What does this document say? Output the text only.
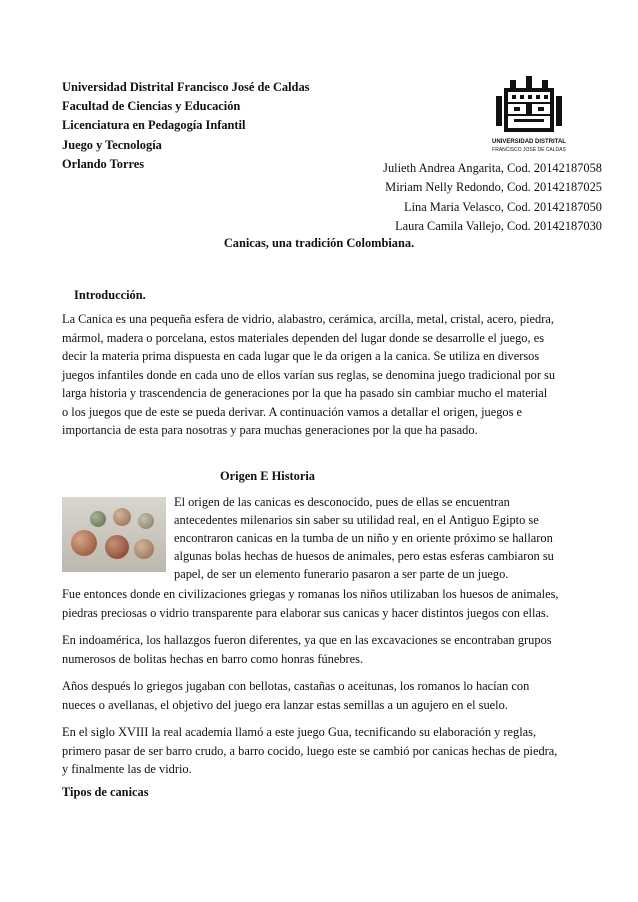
Universidad Distrital Francisco José de Caldas
Facultad de Ciencias y Educación
Licenciatura en Pedagogía Infantil
Juego y Tecnología
Orlando Torres
UNIVERSIDAD DISTRITAL
FRANCISCO JOSÉ DE CALDAS
Julieth Andrea Angarita, Cod. 20142187058
Miriam Nelly Redondo, Cod. 20142187025
Lina Maria Velasco, Cod. 20142187050
Laura Camila Vallejo, Cod. 20142187030
Canicas, una tradición Colombiana.
Introducción.
La Canica es una pequeña esfera de vidrio, alabastro, cerámica, arcilla, metal, cristal, acero, piedra,
mármol, madera o porcelana, estos materiales dependen del lugar donde se desarrolle el juego, es
decir la materia prima dispuesta en cada lugar que le da origen a la canica. Se utiliza en diversos
juegos infantiles donde en cada uno de ellos varían sus reglas, se denomina juego tradicional por su
larga historia y trascendencia de generaciones por la que ha pasado sin cambiar mucho el material
o los juegos que de este se pueda derivar. A continuación vamos a detallar el origen, juegos e
importancia de esta para nosotras y para muchas generaciones por la que ha pasado.
Origen E Historia
El origen de las canicas es desconocido, pues de ellas se encuentran
antecedentes milenarios sin saber su utilidad real, en el Antiguo Egipto se
encontraron canicas en la tumba de un niño y en oriente próximo se hallaron
algunas bolas hechas de huesos de animales, pero estas esferas cambiaron su
papel, de ser un elemento funerario pasaron a ser parte de un juego.
Fue entonces donde en civilizaciones griegas y romanas los niños utilizaban los huesos de animales,
piedras preciosas o vidrio transparente para elaborar sus canicas y hacer distintos juegos con ellas.
En indoamérica, los hallazgos fueron diferentes, ya que en las excavaciones se encontraban grupos
numerosos de bolitas hechas en barro como honras fúnebres.
Años después lo griegos jugaban con bellotas, castañas o aceitunas, los romanos lo hacían con
nueces o avellanas, el objetivo del juego era lanzar estas semillas a un agujero en el suelo.
En el siglo XVIII la real academia llamó a este juego Gua, tecnificando su elaboración y reglas,
primero pasar de ser barro crudo, a barro cocido, luego este se cambió por canicas hechas de piedra,
y finalmente las de vidrio.
Tipos de canicas
